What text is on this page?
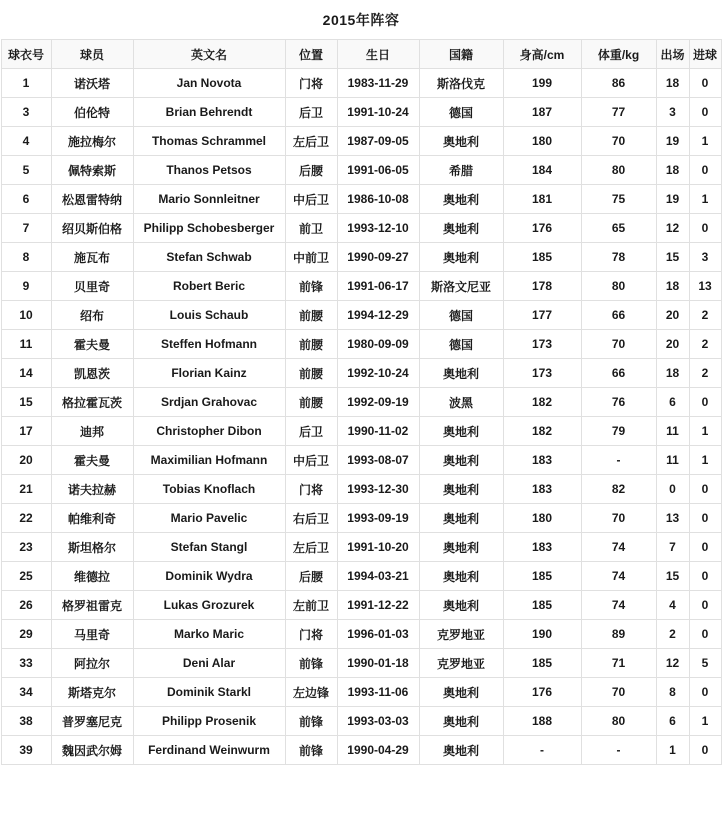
2015年阵容
球衣号	球员	英文名	位置	生日	国籍	身高/cm	体重/kg	出场	进球
1	诺沃塔	Jan Novota	门将	1983-11-29	斯洛伐克	199	86	18	0
3	伯伦特	Brian Behrendt	后卫	1991-10-24	德国	187	77	3	0
4	施拉梅尔	Thomas Schrammel	左后卫	1987-09-05	奥地利	180	70	19	1
5	佩特索斯	Thanos Petsos	后腰	1991-06-05	希腊	184	80	18	0
6	松恩雷特纳	Mario Sonnleitner	中后卫	1986-10-08	奥地利	181	75	19	1
7	绍贝斯伯格	Philipp Schobesberger	前卫	1993-12-10	奥地利	176	65	12	0
8	施瓦布	Stefan Schwab	中前卫	1990-09-27	奥地利	185	78	15	3
9	贝里奇	Robert Beric	前锋	1991-06-17	斯洛文尼亚	178	80	18	13
10	绍布	Louis Schaub	前腰	1994-12-29	德国	177	66	20	2
11	霍夫曼	Steffen Hofmann	前腰	1980-09-09	德国	173	70	20	2
14	凯恩茨	Florian Kainz	前腰	1992-10-24	奥地利	173	66	18	2
15	格拉霍瓦茨	Srdjan Grahovac	前腰	1992-09-19	波黑	182	76	6	0
17	迪邦	Christopher Dibon	后卫	1990-11-02	奥地利	182	79	11	1
20	霍夫曼	Maximilian Hofmann	中后卫	1993-08-07	奥地利	183	-	11	1
21	诺夫拉赫	Tobias Knoflach	门将	1993-12-30	奥地利	183	82	0	0
22	帕维利奇	Mario Pavelic	右后卫	1993-09-19	奥地利	180	70	13	0
23	斯坦格尔	Stefan Stangl	左后卫	1991-10-20	奥地利	183	74	7	0
25	维德拉	Dominik Wydra	后腰	1994-03-21	奥地利	185	74	15	0
26	格罗祖雷克	Lukas Grozurek	左前卫	1991-12-22	奥地利	185	74	4	0
29	马里奇	Marko Maric	门将	1996-01-03	克罗地亚	190	89	2	0
33	阿拉尔	Deni Alar	前锋	1990-01-18	克罗地亚	185	71	12	5
34	斯塔克尔	Dominik Starkl	左边锋	1993-11-06	奥地利	176	70	8	0
38	普罗塞尼克	Philipp Prosenik	前锋	1993-03-03	奥地利	188	80	6	1
39	魏因武尔姆	Ferdinand Weinwurm	前锋	1990-04-29	奥地利	-	-	1	0
